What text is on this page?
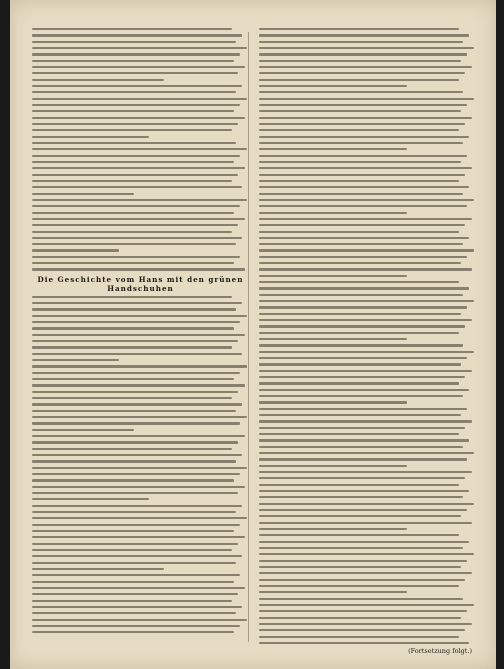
Die Geschichte vom Hans mit den grünen Handschuhen
(Fortsetzung folgt.)
